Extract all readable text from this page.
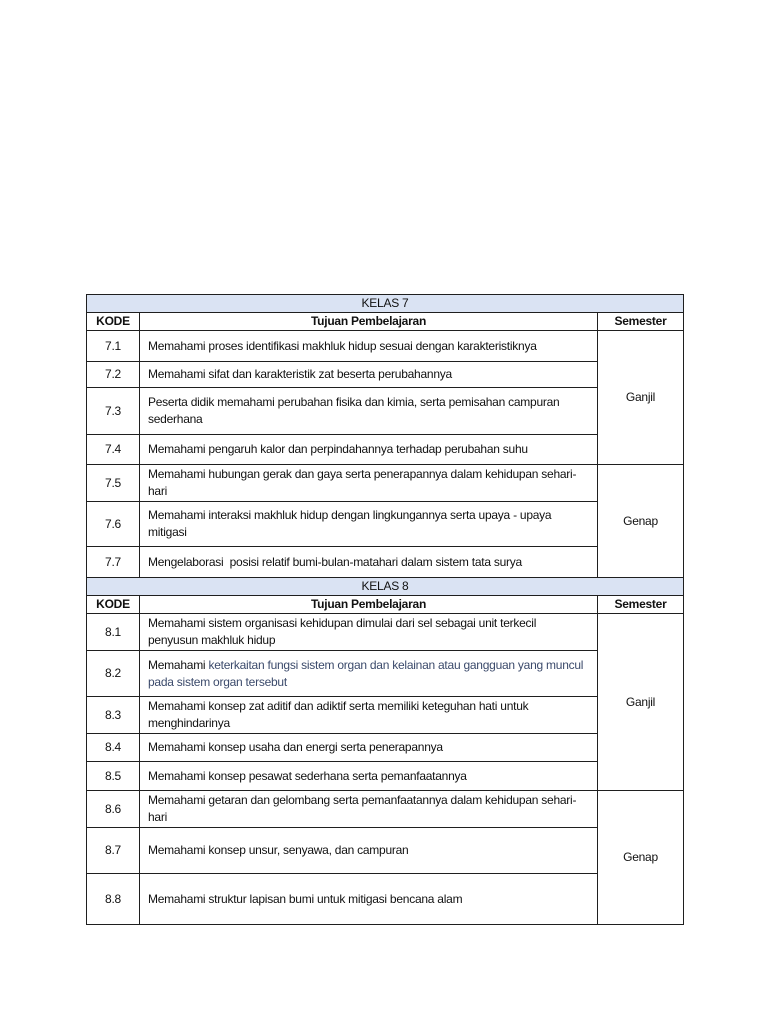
KELAS 7		
KODE	Tujuan Pembelajaran	Semester
7.1	Memahami proses identifikasi makhluk hidup sesuai dengan karakteristiknya	Ganjil
7.2	Memahami sifat dan karakteristik zat beserta perubahannya	
7.3	Peserta didik memahami perubahan fisika dan kimia, serta pemisahan campuran sederhana	
7.4	Memahami pengaruh kalor dan perpindahannya terhadap perubahan suhu	
7.5	Memahami hubungan gerak dan gaya serta penerapannya dalam kehidupan sehari-hari	Genap
7.6	Memahami interaksi makhluk hidup dengan lingkungannya serta upaya - upaya mitigasi	
7.7	Mengelaborasi  posisi relatif bumi-bulan-matahari dalam sistem tata surya	
KELAS 8		
KODE	Tujuan Pembelajaran	Semester
8.1	Memahami sistem organisasi kehidupan dimulai dari sel sebagai unit terkecil penyusun makhluk hidup	Ganjil
8.2	Memahami keterkaitan fungsi sistem organ dan kelainan atau gangguan yang muncul pada sistem organ tersebut	
8.3	Memahami konsep zat aditif dan adiktif serta memiliki keteguhan hati untuk menghindarinya	
8.4	Memahami konsep usaha dan energi serta penerapannya	
8.5	Memahami konsep pesawat sederhana serta pemanfaatannya	
8.6	Memahami getaran dan gelombang serta pemanfaatannya dalam kehidupan sehari-hari	Genap
8.7	Memahami konsep unsur, senyawa, dan campuran	
8.8	Memahami struktur lapisan bumi untuk mitigasi bencana alam	
